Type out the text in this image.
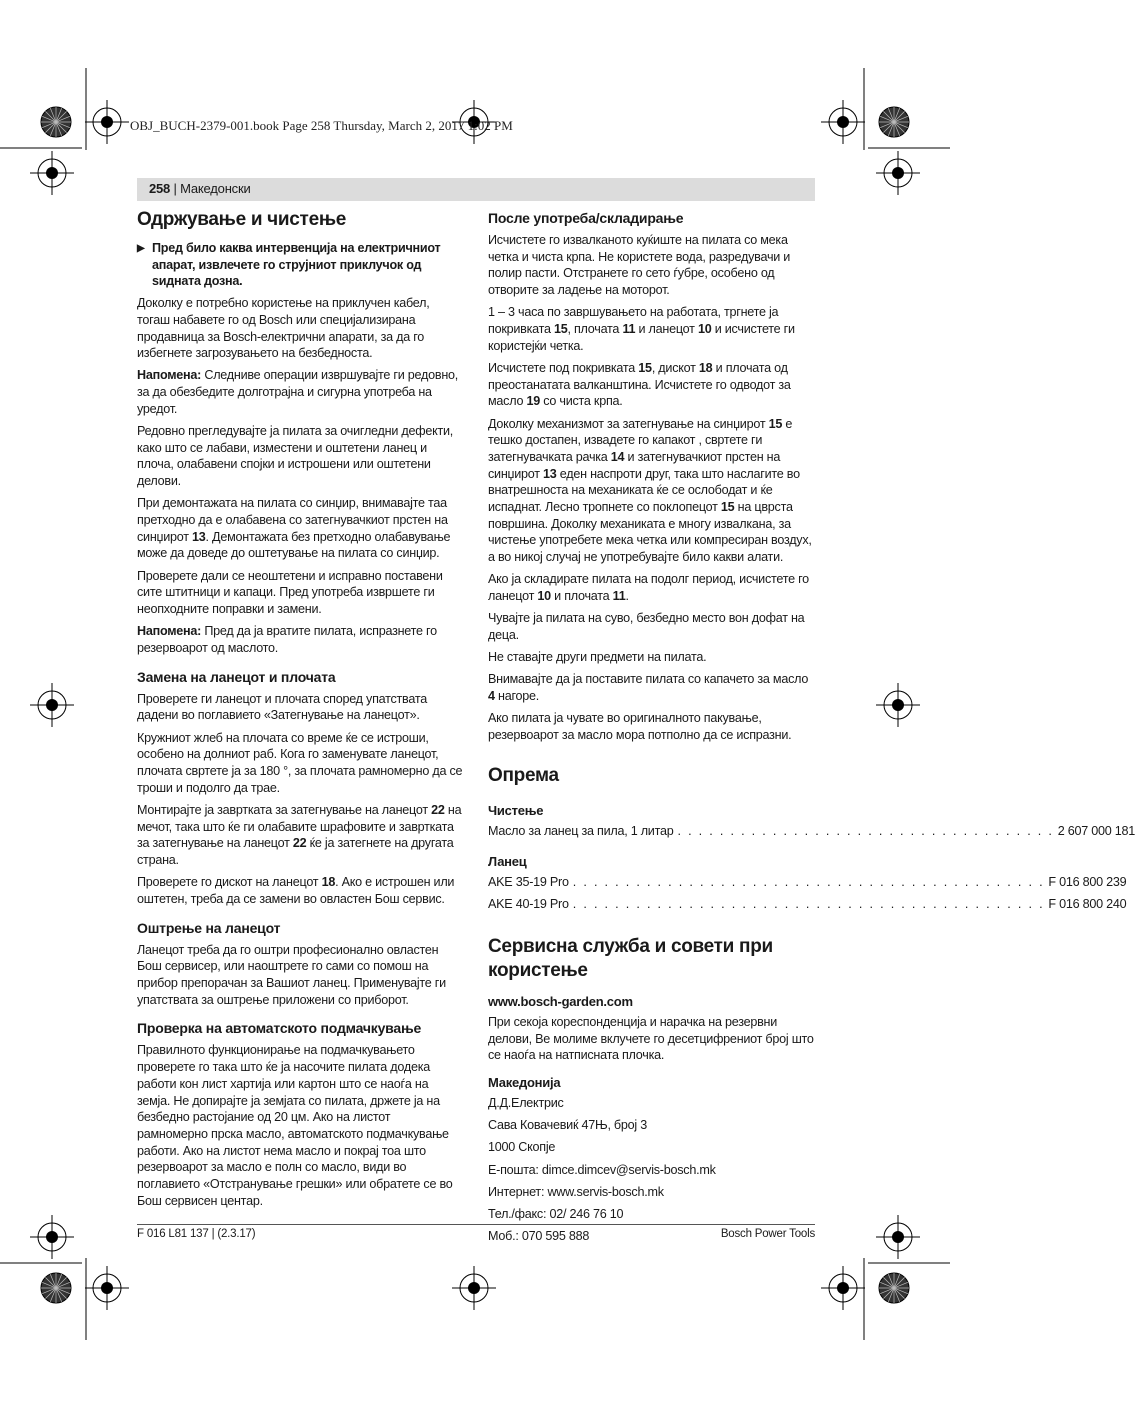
OBJ_BUCH-2379-001.book Page 258 Thursday, March 2, 2017 1:02 PM
258 | Македонски
Одржување и чистење
▶ Пред било каква интервенција на електричниот апарат, извлечете го струјниот приклучок од ѕидната дозна.

Доколку е потребно користење на приклучен кабел, тогаш набавете го од Bosch или специјализирана продавница за Bosch-електрични апарати, за да го избегнете загрозувањето на безбедноста.

Напомена: Следниве операции извршувајте ги редовно, за да обезбедите долготрајна и сигурна употреба на уредот.

Редовно прегледувајте ја пилата за очигледни дефекти, како што се лабави, изместени и оштетени ланец и плоча, олабавени спојки и истрошени или оштетени делови.

При демонтажата на пилата со синџир, внимавајте таа претходно да е олабавена со затегнувачкиот прстен на синџирот 13. Демонтажата без претходно олабавување може да доведе до оштетување на пилата со синџир.

Проверете дали се неоштетени и исправно поставени сите штитници и капаци. Пред употреба извршете ги неопходните поправки и замени.

Напомена: Пред да ја вратите пилата, испразнете го резервоарот од маслото.

Замена на ланецот и плочата

Проверете ги ланецот и плочата според упатствата дадени во поглавието «Затегнување на ланецот».

Кружниот жлеб на плочата со време ќе се истроши, особено на долниот раб. Кога го заменувате ланецот, плочата свртете ја за 180 °, за плочата рамномерно да се троши и подолго да трае.

Монтирајте ја завртката за затегнување на ланецот 22 на мечот, така што ќе ги олабавите шрафовите и завртката за затегнување на ланецот 22 ќе ја затегнете на другата страна.

Проверете го дискот на ланецот 18. Ако е истрошен или оштетен, треба да се замени во овластен Бош сервис.

Оштрење на ланецот

Ланецот треба да го оштри професионално овластен Бош сервисер, или наоштрете го сами со помош на прибор препорачан за Вашиот ланец. Применувајте ги упатствата за оштрење приложени со приборот.

Проверка на автоматското подмачкување

Правилното функционирање на подмачкувањето проверете го така што ќе ја насочите пилата додека работи кон лист хартија или картон што се наоѓа на земја. Не допирајте ја земјата со пилата, држете ја на безбедно растојание од 20 цм. Ако на листот рамномерно прска масло, автоматското подмачкување работи. Ако на листот нема масло и покрај тоа што резервоарот за масло е полн со масло, види во поглавието «Отстранување грешки» или обратете се во Бош сервисен центар.

После употреба/складирање

Исчистете го извалканото куќиште на пилата со мека четка и чиста крпа. Не користете вода, разредувачи и полир пасти. Отстранете го сето ѓубре, особено од отворите за ладење на моторот.

1 – 3 часа по завршувањето на работата, тргнете ја покривката 15, плочата 11 и ланецот 10 и исчистете ги користејќи четка.

Исчистете под покривката 15, дискот 18 и плочата од преостанатата валканштина. Исчистете го одводот за масло 19 со чиста крпа.

Доколку механизмот за затегнување на синџирот 15 е тешко достапен, извадете го капакот , свртете ги затегнувачката рачка 14 и затегнувачкиот прстен на синџирот 13 еден наспроти друг, така што наслагите во внатрешноста на механиката ќе се ослободат и ќе испаднат. Лесно тропнете со поклопецот 15 на цврста површина. Доколку механиката е многу извалкана, за чистење употребете мека четка или компресиран воздух, а во никој случај не употребувајте било какви алати.

Ако ја складирате пилата на подолг период, исчистете го ланецот 10 и плочата 11.

Чувајте ја пилата на суво, безбедно место вон дофат на деца.

Не ставајте други предмети на пилата.

Внимавајте да ја поставите пилата со капачето за масло 4 нагоре.

Ако пилата ја чувате во оригиналното пакување, резервоарот за масло мора потполно да се испразни.

Опрема
Чистење
Масло за ланец за пила, 1 литар . . . . . . . . . . . . . . . . . . . . . . . . . . . . . . . . . . . . 2 607 000 181
Ланец
AKE 35-19 Pro . . . . . . . . . . . . . . . . . . . . . . . . . . . . . . . . . . . . . . . . . . . . . F 016 800 239
AKE 40-19 Pro . . . . . . . . . . . . . . . . . . . . . . . . . . . . . . . . . . . . . . . . . . . . . F 016 800 240
Сервисна служба и совети при користење
www.bosch-garden.com

При секоја кореспонденција и нарачка на резервни делови, Ве молиме вклучете го десетцифрениот број што се наоѓа на натписната плочка.

Македонија

Д.Д.Електрис

Сава Ковачевиќ 47Њ, број 3

1000 Скопје

Е-пошта: dimce.dimcev@servis-bosch.mk

Интернет: www.servis-bosch.mk

Тел./факс: 02/ 246 76 10

Моб.: 070 595 888

F 016 L81 137 | (2.3.17)	Bosch Power Tools
